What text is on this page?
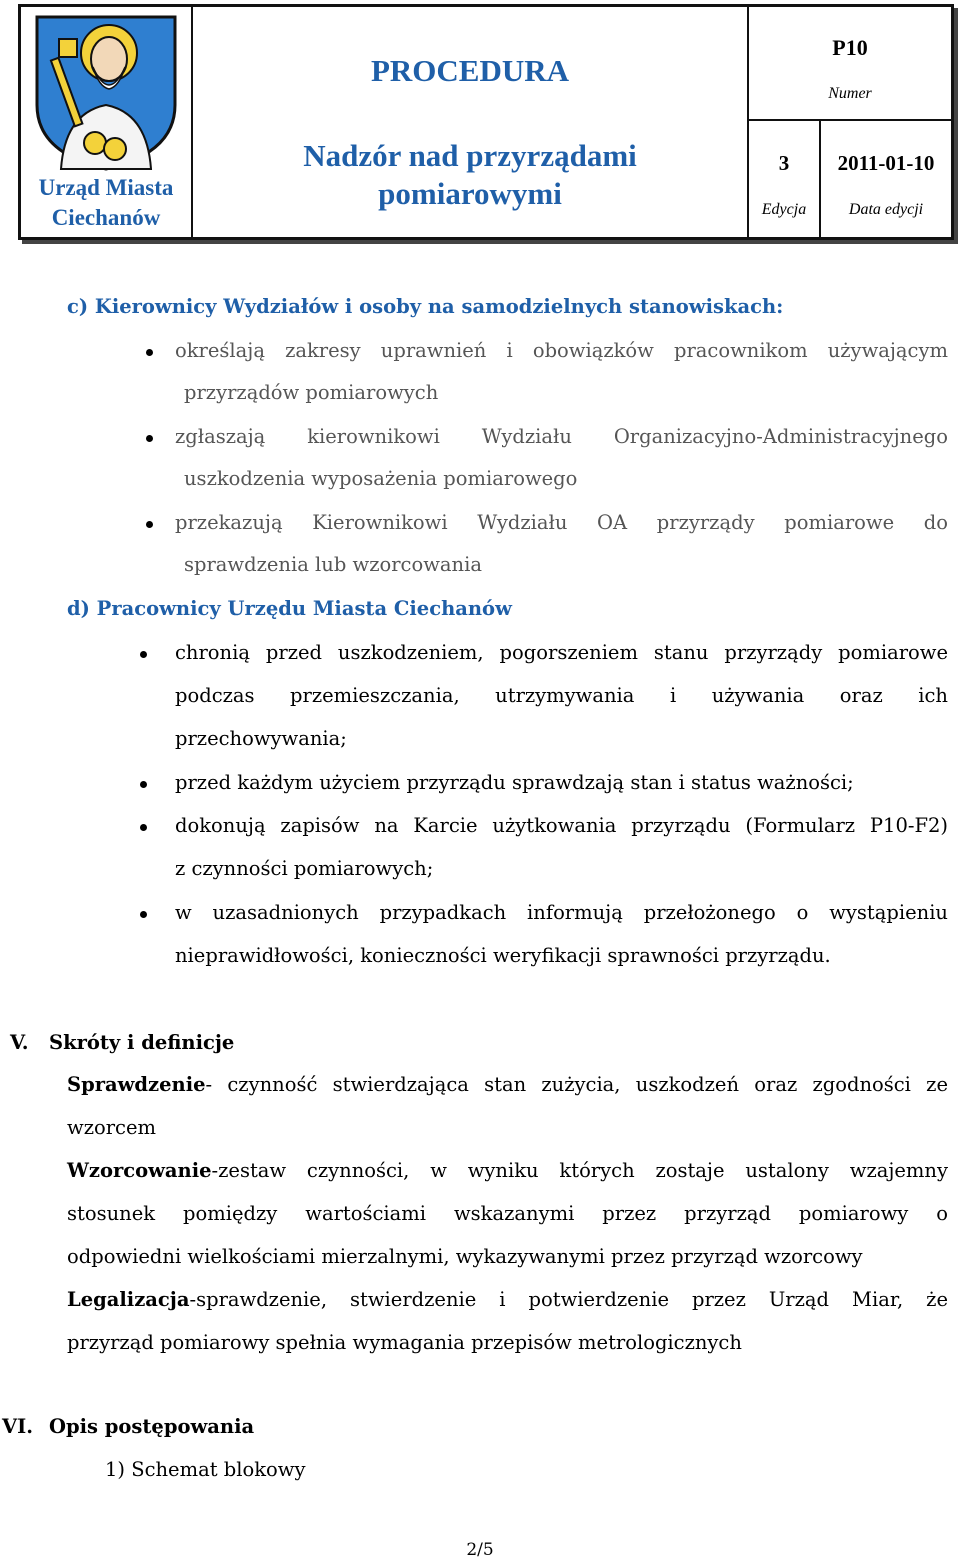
Urząd Miasta
Ciechanów
PROCEDURA
Nadzór nad przyrządami
pomiarowymi
P10
Numer
3
Edycja
2011-01-10
Data edycji
c) Kierownicy Wydziałów i osoby na samodzielnych stanowiskach:
określają zakresy uprawnień i obowiązków pracownikom używającym
przyrządów pomiarowych
zgłaszają kierownikowi Wydziału Organizacyjno-Administracyjnego
uszkodzenia wyposażenia pomiarowego
przekazują Kierownikowi Wydziału OA przyrządy pomiarowe do
sprawdzenia lub wzorcowania
d) Pracownicy Urzędu Miasta Ciechanów
chronią przed uszkodzeniem, pogorszeniem stanu przyrządy pomiarowe
podczas przemieszczania, utrzymywania i używania oraz ich
przechowywania;
przed każdym użyciem przyrządu sprawdzają stan i status ważności;
dokonują zapisów na Karcie użytkowania przyrządu (Formularz P10-F2)
z czynności pomiarowych;
w uzasadnionych przypadkach informują przełożonego o wystąpieniu
nieprawidłowości, konieczności weryfikacji sprawności przyrządu.
V. Skróty i definicje
Sprawdzenie- czynność stwierdzająca stan zużycia, uszkodzeń oraz zgodności ze
wzorcem
Wzorcowanie-zestaw czynności, w wyniku których zostaje ustalony wzajemny
stosunek pomiędzy wartościami wskazanymi przez przyrząd pomiarowy o
odpowiedni wielkościami mierzalnymi, wykazywanymi przez przyrząd wzorcowy
Legalizacja-sprawdzenie, stwierdzenie i potwierdzenie przez Urząd Miar, że
przyrząd pomiarowy spełnia wymagania przepisów metrologicznych
VI. Opis postępowania
1) Schemat blokowy
2/5
